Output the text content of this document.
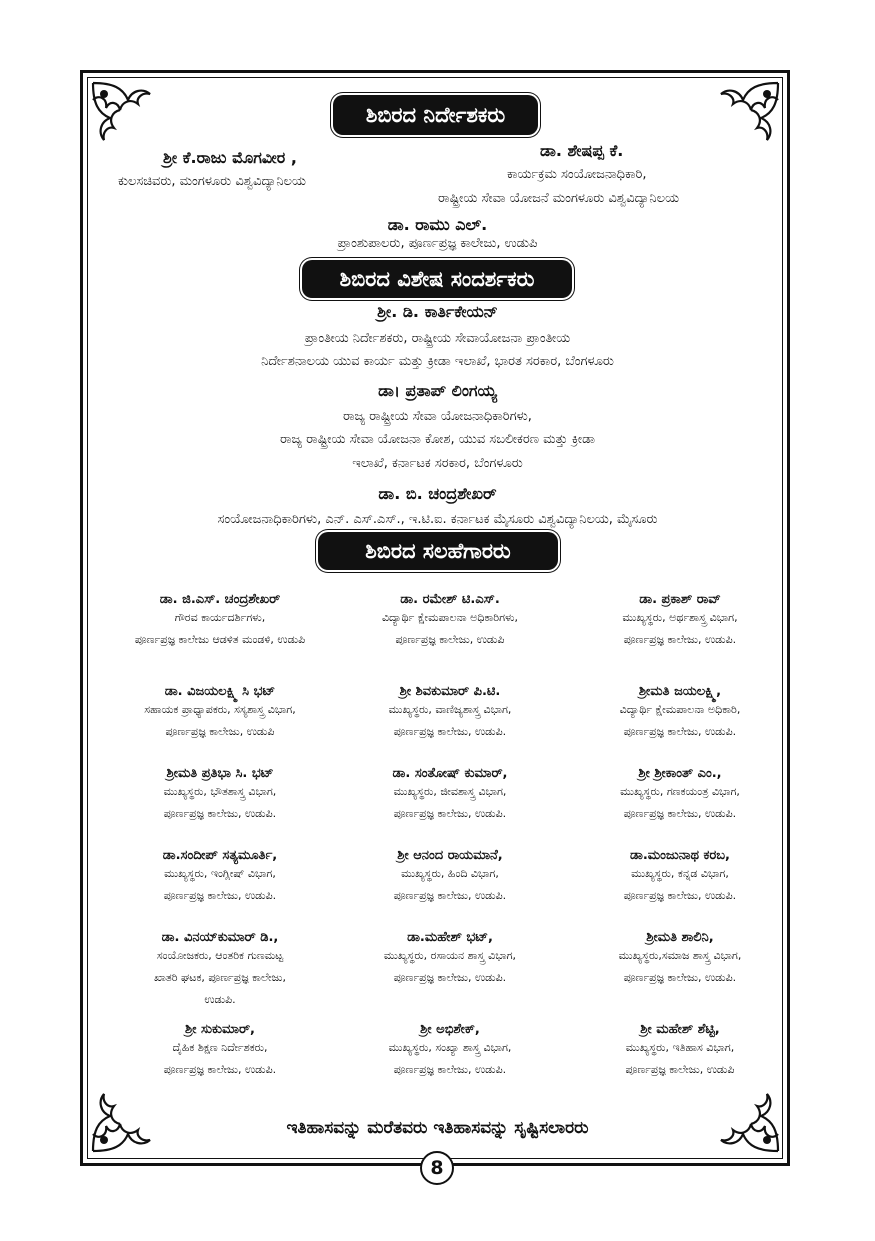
ಶಿಬಿರದ ನಿರ್ದೇಶಕರು
ಶ್ರೀ ಕೆ.ರಾಜು ಮೊಗವೀರ ,
ಕುಲಸಚಿವರು, ಮಂಗಳೂರು ವಿಶ್ವವಿದ್ಯಾನಿಲಯ
ಡಾ. ಶೇಷಪ್ಪ ಕೆ.
ಕಾರ್ಯಕ್ರಮ ಸಂಯೋಜನಾಧಿಕಾರಿ,
ರಾಷ್ಟ್ರೀಯ ಸೇವಾ ಯೋಜನೆ ಮಂಗಳೂರು ವಿಶ್ವವಿದ್ಯಾನಿಲಯ
ಡಾ. ರಾಮು ಎಲ್.
ಪ್ರಾಂಶುಪಾಲರು, ಪೂರ್ಣಪ್ರಜ್ಞ ಕಾಲೇಜು, ಉಡುಪಿ
ಶಿಬಿರದ ವಿಶೇಷ ಸಂದರ್ಶಕರು
ಶ್ರೀ. ಡಿ. ಕಾರ್ತಿಕೇಯನ್
ಪ್ರಾಂತೀಯ ನಿರ್ದೇಶಕರು, ರಾಷ್ಟ್ರೀಯ ಸೇವಾಯೋಜನಾ ಪ್ರಾಂತೀಯ
ನಿರ್ದೇಶನಾಲಯ ಯುವ ಕಾರ್ಯ ಮತ್ತು ಕ್ರೀಡಾ ಇಲಾಖೆ, ಭಾರತ ಸರಕಾರ, ಬೆಂಗಳೂರು
ಡಾ। ಪ್ರತಾಪ್ ಲಿಂಗಯ್ಯ
ರಾಜ್ಯ ರಾಷ್ಟ್ರೀಯ ಸೇವಾ ಯೋಜನಾಧಿಕಾರಿಗಳು,
ರಾಜ್ಯ ರಾಷ್ಟ್ರೀಯ ಸೇವಾ ಯೋಜನಾ ಕೋಶ, ಯುವ ಸಬಲೀಕರಣ ಮತ್ತು ಕ್ರೀಡಾ
ಇಲಾಖೆ, ಕರ್ನಾಟಕ ಸರಕಾರ, ಬೆಂಗಳೂರು
ಡಾ. ಬಿ. ಚಂದ್ರಶೇಖರ್
ಸಂಯೋಜನಾಧಿಕಾರಿಗಳು, ಎನ್. ಎಸ್.ಎಸ್., ಇ.ಟಿ.ಐ. ಕರ್ನಾಟಕ ಮೈಸೂರು ವಿಶ್ವವಿದ್ಯಾನಿಲಯ, ಮೈಸೂರು
ಶಿಬಿರದ ಸಲಹೆಗಾರರು
ಡಾ. ಜಿ.ಎಸ್. ಚಂದ್ರಶೇಖರ್
ಗೌರವ ಕಾರ್ಯದರ್ಶಿಗಳು,
ಪೂರ್ಣಪ್ರಜ್ಞ ಕಾಲೇಜು ಆಡಳಿತ ಮಂಡಳಿ, ಉಡುಪಿ
ಡಾ. ರಮೇಶ್ ಟಿ.ಎಸ್.
ವಿದ್ಯಾರ್ಥಿ ಕ್ಷೇಮಪಾಲನಾ ಅಧಿಕಾರಿಗಳು,
ಪೂರ್ಣಪ್ರಜ್ಞ ಕಾಲೇಜು, ಉಡುಪಿ
ಡಾ. ಪ್ರಕಾಶ್ ರಾವ್
ಮುಖ್ಯಸ್ಥರು, ಅರ್ಥಶಾಸ್ತ್ರ ವಿಭಾಗ,
ಪೂರ್ಣಪ್ರಜ್ಞ ಕಾಲೇಜು, ಉಡುಪಿ.
ಡಾ. ವಿಜಯಲಕ್ಷ್ಮಿ ಸಿ ಭಟ್
ಸಹಾಯಕ ಪ್ರಾಧ್ಯಾಪಕರು, ಸಸ್ಯಶಾಸ್ತ್ರ ವಿಭಾಗ,
ಪೂರ್ಣಪ್ರಜ್ಞ ಕಾಲೇಜು, ಉಡುಪಿ
ಶ್ರೀ ಶಿವಕುಮಾರ್ ಪಿ.ಟಿ.
ಮುಖ್ಯಸ್ಥರು, ವಾಣಿಜ್ಯಶಾಸ್ತ್ರ ವಿಭಾಗ,
ಪೂರ್ಣಪ್ರಜ್ಞ ಕಾಲೇಜು, ಉಡುಪಿ.
ಶ್ರೀಮತಿ ಜಯಲಕ್ಷ್ಮಿ,
ವಿದ್ಯಾರ್ಥಿ ಕ್ಷೇಮಪಾಲನಾ ಅಧಿಕಾರಿ,
ಪೂರ್ಣಪ್ರಜ್ಞ ಕಾಲೇಜು, ಉಡುಪಿ.
ಶ್ರೀಮತಿ ಪ್ರತಿಭಾ ಸಿ. ಭಟ್
ಮುಖ್ಯಸ್ಥರು, ಭೌತಶಾಸ್ತ್ರ ವಿಭಾಗ,
ಪೂರ್ಣಪ್ರಜ್ಞ ಕಾಲೇಜು, ಉಡುಪಿ.
ಡಾ. ಸಂತೋಷ್ ಕುಮಾರ್,
ಮುಖ್ಯಸ್ಥರು, ಜೀವಶಾಸ್ತ್ರ ವಿಭಾಗ,
ಪೂರ್ಣಪ್ರಜ್ಞ ಕಾಲೇಜು, ಉಡುಪಿ.
ಶ್ರೀ ಶ್ರೀಕಾಂತ್ ಎಂ.,
ಮುಖ್ಯಸ್ಥರು, ಗಣಕಯಂತ್ರ ವಿಭಾಗ,
ಪೂರ್ಣಪ್ರಜ್ಞ ಕಾಲೇಜು, ಉಡುಪಿ.
ಡಾ.ಸಂದೀಪ್ ಸತ್ಯಮೂರ್ತಿ,
ಮುಖ್ಯಸ್ಥರು, ಇಂಗ್ಲೀಷ್ ವಿಭಾಗ,
ಪೂರ್ಣಪ್ರಜ್ಞ ಕಾಲೇಜು, ಉಡುಪಿ.
ಶ್ರೀ ಆನಂದ ರಾಯಮಾನೆ,
ಮುಖ್ಯಸ್ಥರು, ಹಿಂದಿ ವಿಭಾಗ,
ಪೂರ್ಣಪ್ರಜ್ಞ ಕಾಲೇಜು, ಉಡುಪಿ.
ಡಾ.ಮಂಜುನಾಥ ಕರಬ,
ಮುಖ್ಯಸ್ಥರು, ಕನ್ನಡ ವಿಭಾಗ,
ಪೂರ್ಣಪ್ರಜ್ಞ ಕಾಲೇಜು, ಉಡುಪಿ.
ಡಾ. ವಿನಯ್‌ಕುಮಾರ್ ಡಿ.,
ಸಂಯೋಜಕರು, ಆಂತರಿಕ ಗುಣಮಟ್ಟ
ಖಾತರಿ ಘಟಕ, ಪೂರ್ಣಪ್ರಜ್ಞ ಕಾಲೇಜು,
ಉಡುಪಿ.
ಡಾ.ಮಹೇಶ್ ಭಟ್,
ಮುಖ್ಯಸ್ಥರು, ರಸಾಯನ ಶಾಸ್ತ್ರ ವಿಭಾಗ,
ಪೂರ್ಣಪ್ರಜ್ಞ ಕಾಲೇಜು, ಉಡುಪಿ.
ಶ್ರೀಮತಿ ಶಾಲಿನಿ,
ಮುಖ್ಯಸ್ಥರು,ಸಮಾಜ ಶಾಸ್ತ್ರ ವಿಭಾಗ,
ಪೂರ್ಣಪ್ರಜ್ಞ ಕಾಲೇಜು, ಉಡುಪಿ.
ಶ್ರೀ ಸುಕುಮಾರ್,
ದೈಹಿಕ ಶಿಕ್ಷಣ ನಿರ್ದೇಶಕರು,
ಪೂರ್ಣಪ್ರಜ್ಞ ಕಾಲೇಜು, ಉಡುಪಿ.
ಶ್ರೀ ಅಭಿಶೇಕ್,
ಮುಖ್ಯಸ್ಥರು, ಸಂಖ್ಯಾ ಶಾಸ್ತ್ರ ವಿಭಾಗ,
ಪೂರ್ಣಪ್ರಜ್ಞ ಕಾಲೇಜು, ಉಡುಪಿ.
ಶ್ರೀ ಮಹೇಶ್ ಶೆಟ್ಟಿ,
ಮುಖ್ಯಸ್ಥರು, ಇತಿಹಾಸ ವಿಭಾಗ,
ಪೂರ್ಣಪ್ರಜ್ಞ ಕಾಲೇಜು, ಉಡುಪಿ
ಇತಿಹಾಸವನ್ನು ಮರೆತವರು ಇತಿಹಾಸವನ್ನು ಸೃಷ್ಟಿಸಲಾರರು
8
